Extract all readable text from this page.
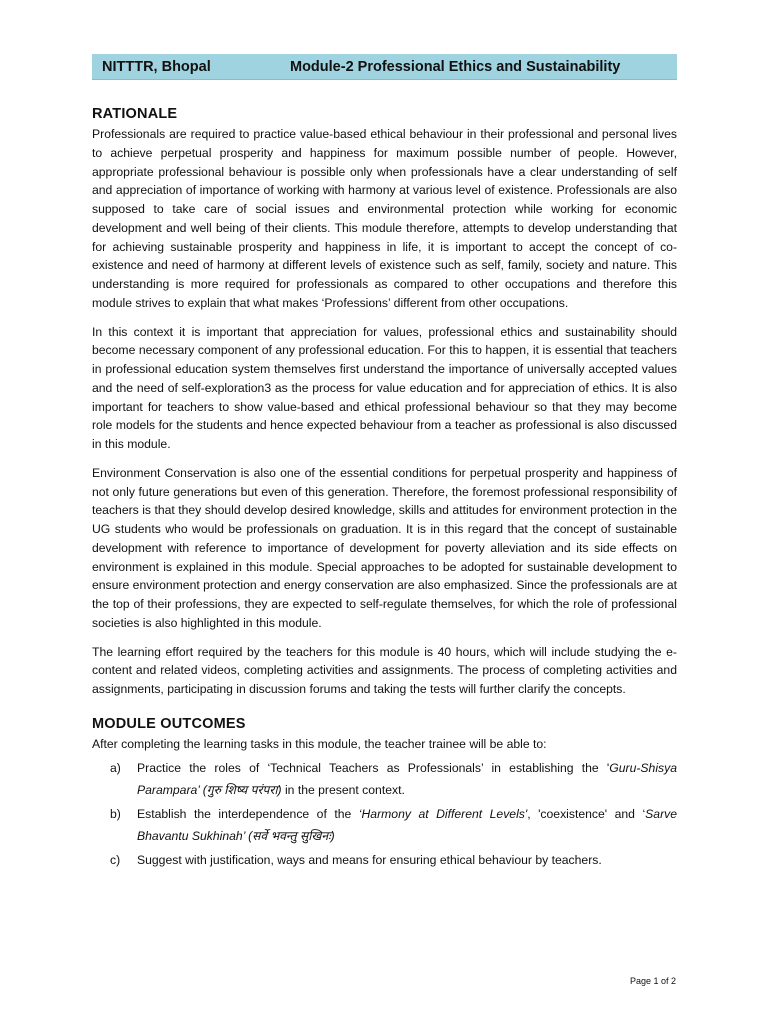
NITTTR, Bhopal	Module-2 Professional Ethics and Sustainability
RATIONALE

Professionals are required to practice value-based ethical behaviour in their professional and personal lives to achieve perpetual prosperity and happiness for maximum possible number of people. However, appropriate professional behaviour is possible only when professionals have a clear understanding of self and appreciation of importance of working with harmony at various level of existence. Professionals are also supposed to take care of social issues and environmental protection while working for economic development and well being of their clients. This module therefore, attempts to develop understanding that for achieving sustainable prosperity and happiness in life, it is important to accept the concept of co-existence and need of harmony at different levels of existence such as self, family, society and nature. This understanding is more required for professionals as compared to other occupations and therefore this module strives to explain that what makes ‘Professions’ different from other occupations.

In this context it is important that appreciation for values, professional ethics and sustainability should become necessary component of any professional education. For this to happen, it is essential that teachers in professional education system themselves first understand the importance of universally accepted values and the need of self-exploration3 as the process for value education and for appreciation of ethics. It is also important for teachers to show value-based and ethical professional behaviour so that they may become role models for the students and hence expected behaviour from a teacher as professional is also discussed in this module.

Environment Conservation is also one of the essential conditions for perpetual prosperity and happiness of not only future generations but even of this generation. Therefore, the foremost professional responsibility of teachers is that they should develop desired knowledge, skills and attitudes for environment protection in the UG students who would be professionals on graduation. It is in this regard that the concept of sustainable development with reference to importance of development for poverty alleviation and its side effects on environment is explained in this module. Special approaches to be adopted for sustainable development to ensure environment protection and energy conservation are also emphasized. Since the professionals are at the top of their professions, they are expected to self-regulate themselves, for which the role of professional societies is also highlighted in this module.

The learning effort required by the teachers for this module is 40 hours, which will include studying the e-content and related videos, completing activities and assignments. The process of completing activities and assignments, participating in discussion forums and taking the tests will further clarify the concepts.

MODULE OUTCOMES
After completing the learning tasks in this module, the teacher trainee will be able to:
a) Practice the roles of ‘Technical Teachers as Professionals’ in establishing the 'Guru-Shisya Parampara’ (गुरु शिष्य परंपरा) in the present context.
b) Establish the interdependence of the ‘Harmony at Different Levels', 'coexistence' and ‘Sarve Bhavantu Sukhinah’ (सर्वे भवन्तु सुखिनः)
c) Suggest with justification, ways and means for ensuring ethical behaviour by teachers.
Page 1 of 2
